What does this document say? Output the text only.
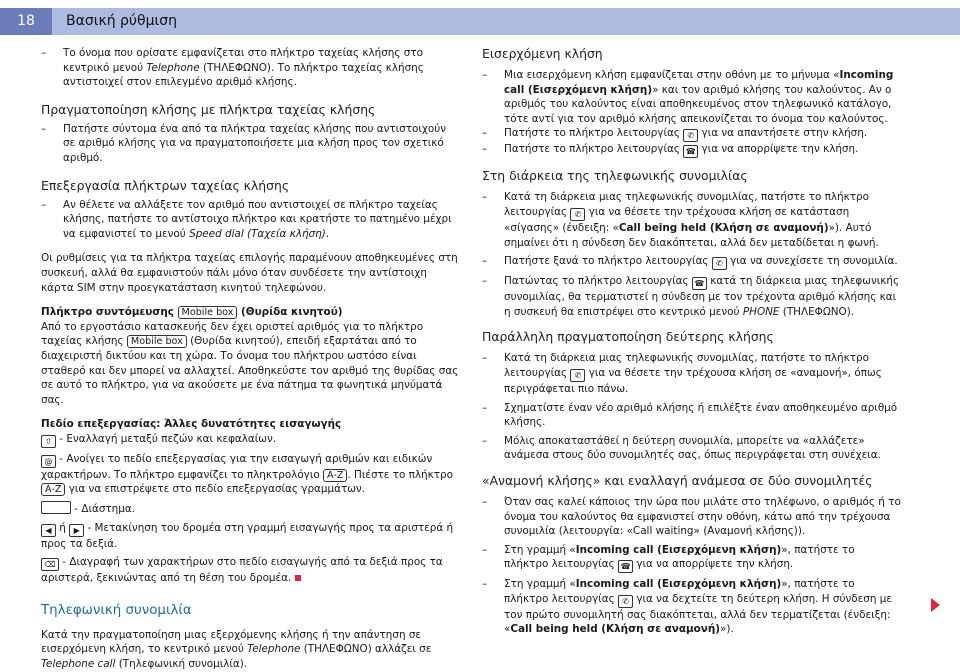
18	Βασική ρύθμιση

– Το όνομα που ορίσατε εμφανίζεται στο πλήκτρο ταχείας κλήσης στο κεντρικό μενού Telephone (ΤΗΛΕΦΩΝΟ). Το πλήκτρο ταχείας κλήσης αντιστοιχεί στον επιλεγμένο αριθμό κλήσης.

Πραγματοποίηση κλήσης με πλήκτρα ταχείας κλήσης

– Πατήστε σύντομα ένα από τα πλήκτρα ταχείας κλήσης που αντιστοιχούν σε αριθμό κλήσης για να πραγματοποιήσετε μια κλήση προς τον σχετικό αριθμό.

Επεξεργασία πλήκτρων ταχείας κλήσης

– Αν θέλετε να αλλάξετε τον αριθμό που αντιστοιχεί σε πλήκτρο ταχείας κλήσης, πατήστε το αντίστοιχο πλήκτρο και κρατήστε το πατημένο μέχρι να εμφανιστεί το μενού Speed dial (Ταχεία κλήση).

Οι ρυθμίσεις για τα πλήκτρα ταχείας επιλογής παραμένουν αποθηκευμένες στη συσκευή, αλλά θα εμφανιστούν πάλι μόνο όταν συνδέσετε την αντίστοιχη κάρτα SIM στην προεγκατάσταση κινητού τηλεφώνου.

Πλήκτρο συντόμευσης Mobile box (Θυρίδα κινητού)

Από το εργοστάσιο κατασκευής δεν έχει οριστεί αριθμός για το πλήκτρο ταχείας κλήσης Mobile box (Θυρίδα κινητού), επειδή εξαρτάται από το διαχειριστή δικτύου και τη χώρα. Το όνομα του πλήκτρου ωστόσο είναι σταθερό και δεν μπορεί να αλλαχτεί. Αποθηκεύστε τον αριθμό της θυρίδας σας σε αυτό το πλήκτρο, για να ακούσετε με ένα πάτημα τα φωνητικά μηνύματά σας.

Πεδίο επεξεργασίας: Άλλες δυνατότητες εισαγωγής

⇧ - Εναλλαγή μεταξύ πεζών και κεφαλαίων.

@ - Ανοίγει το πεδίο επεξεργασίας για την εισαγωγή αριθμών και ειδικών χαρακτήρων. Το πλήκτρο εμφανίζει το πληκτρολόγιο A-Z . Πιέστε το πλήκτρο A-Z για να επιστρέψετε στο πεδίο επεξεργασίας γραμμάτων.

- Διάστημα.

◀ ή ▶ - Μετακίνηση του δρομέα στη γραμμή εισαγωγής προς τα αριστερά ή προς τα δεξιά.

⌫ - Διαγραφή των χαρακτήρων στο πεδίο εισαγωγής από τα δεξιά προς τα αριστερά, ξεκινώντας από τη θέση του δρομέα.

Τηλεφωνική συνομιλία

Κατά την πραγματοποίηση μιας εξερχόμενης κλήσης ή την απάντηση σε εισερχόμενη κλήση, το κεντρικό μενού Telephone (ΤΗΛΕΦΩΝΟ) αλλάζει σε Telephone call (Τηλεφωνική συνομιλία).

Εισερχόμενη κλήση

– Μια εισερχόμενη κλήση εμφανίζεται στην οθόνη με το μήνυμα «Incoming call (Εισερχόμενη κλήση)» και τον αριθμό κλήσης του καλούντος. Αν ο αριθμός του καλούντος είναι αποθηκευμένος στον τηλεφωνικό κατάλογο, τότε αντί για τον αριθμό κλήσης απεικονίζεται το όνομα του καλούντος.

– Πατήστε το πλήκτρο λειτουργίας ✆ για να απαντήσετε στην κλήση.

– Πατήστε το πλήκτρο λειτουργίας ☎ για να απορρίψετε την κλήση.

Στη διάρκεια της τηλεφωνικής συνομιλίας

– Κατά τη διάρκεια μιας τηλεφωνικής συνομιλίας, πατήστε το πλήκτρο λειτουργίας ✆ για να θέσετε την τρέχουσα κλήση σε κατάσταση «σίγασης» (ένδειξη: «Call being held (Κλήση σε αναμονή)»). Αυτό σημαίνει ότι η σύνδεση δεν διακόπτεται, αλλά δεν μεταδίδεται η φωνή.

– Πατήστε ξανά το πλήκτρο λειτουργίας ✆ για να συνεχίσετε τη συνομιλία.

– Πατώντας το πλήκτρο λειτουργίας ☎ κατά τη διάρκεια μιας τηλεφωνικής συνομιλίας, θα τερματιστεί η σύνδεση με τον τρέχοντα αριθμό κλήσης και η συσκευή θα επιστρέψει στο κεντρικό μενού PHONE (ΤΗΛΕΦΩΝΟ).

Παράλληλη πραγματοποίηση δεύτερης κλήσης

– Κατά τη διάρκεια μιας τηλεφωνικής συνομιλίας, πατήστε το πλήκτρο λειτουργίας ✆ για να θέσετε την τρέχουσα κλήση σε «αναμονή», όπως περιγράφεται πιο πάνω.

– Σχηματίστε έναν νέο αριθμό κλήσης ή επιλέξτε έναν αποθηκευμένο αριθμό κλήσης.

– Μόλις αποκαταστάθεί η δεύτερη συνομιλία, μπορείτε να «αλλάζετε» ανάμεσα στους δύο συνομιλητές σας, όπως περιγράφεται στη συνέχεια.

«Αναμονή κλήσης» και εναλλαγή ανάμεσα σε δύο συνομιλητές

– Όταν σας καλεί κάποιος την ώρα που μιλάτε στο τηλέφωνο, ο αριθμός ή το όνομα του καλούντος θα εμφανιστεί στην οθόνη, κάτω από την τρέχουσα συνομιλία (λειτουργία: «Call waiting» (Αναμονή κλήσης)).

– Στη γραμμή «Incoming call (Εισερχόμενη κλήση)», πατήστε το πλήκτρο λειτουργίας ☎ για να απορρίψετε την κλήση.

– Στη γραμμή «Incoming call (Εισερχόμενη κλήση)», πατήστε το πλήκτρο λειτουργίας ✆ για να δεχτείτε τη δεύτερη κλήση. Η σύνδεση με τον πρώτο συνομιλητή σας διακόπτεται, αλλά δεν τερματίζεται (ένδειξη: «Call being held (Κλήση σε αναμονή)»).
